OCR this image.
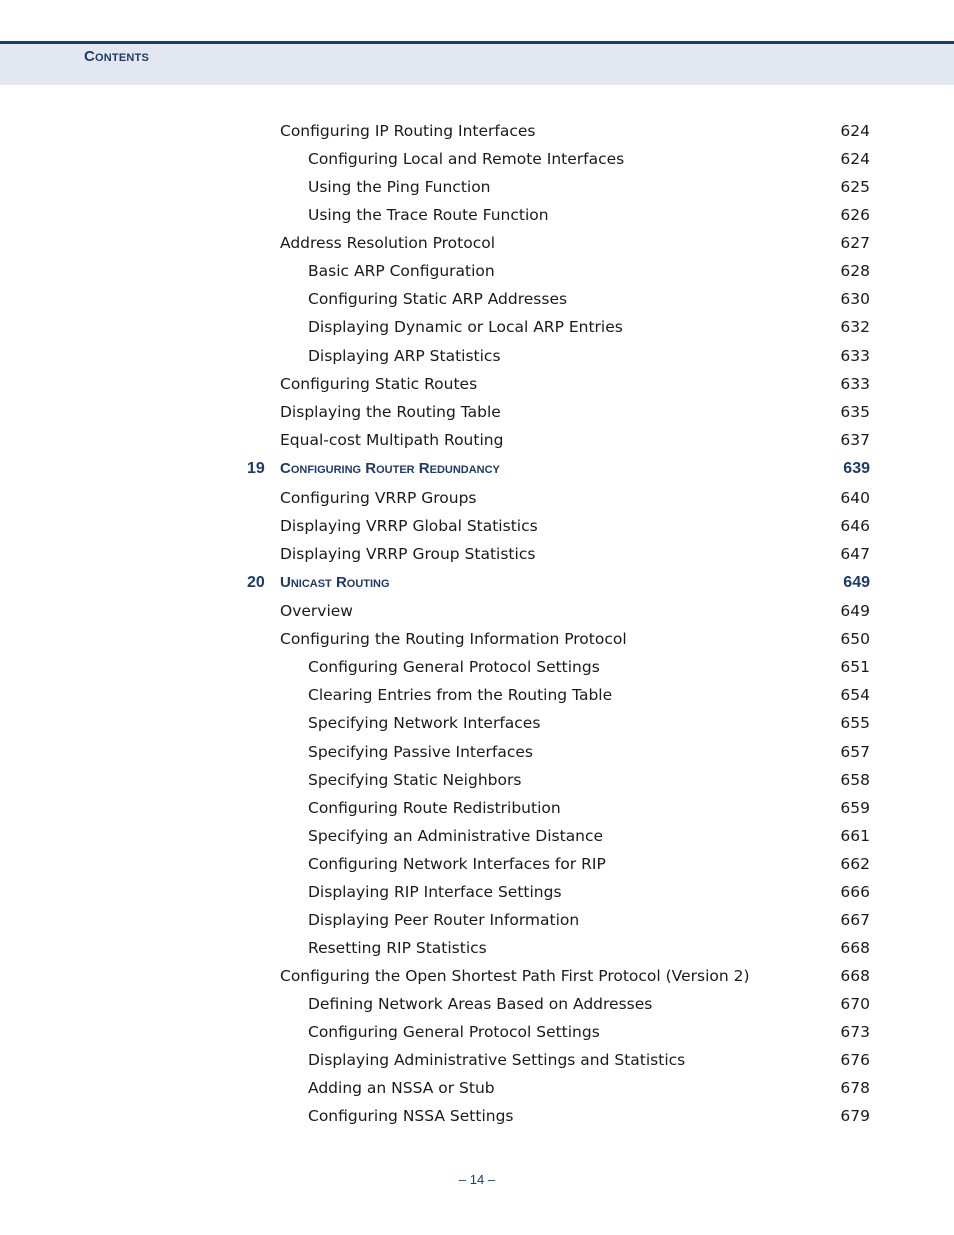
Contents
Configuring IP Routing Interfaces	624
Configuring Local and Remote Interfaces	624
Using the Ping Function	625
Using the Trace Route Function	626
Address Resolution Protocol	627
Basic ARP Configuration	628
Configuring Static ARP Addresses	630
Displaying Dynamic or Local ARP Entries	632
Displaying ARP Statistics	633
Configuring Static Routes	633
Displaying the Routing Table	635
Equal-cost Multipath Routing	637
19 Configuring Router Redundancy	639
Configuring VRRP Groups	640
Displaying VRRP Global Statistics	646
Displaying VRRP Group Statistics	647
20 Unicast Routing	649
Overview	649
Configuring the Routing Information Protocol	650
Configuring General Protocol Settings	651
Clearing Entries from the Routing Table	654
Specifying Network Interfaces	655
Specifying Passive Interfaces	657
Specifying Static Neighbors	658
Configuring Route Redistribution	659
Specifying an Administrative Distance	661
Configuring Network Interfaces for RIP	662
Displaying RIP Interface Settings	666
Displaying Peer Router Information	667
Resetting RIP Statistics	668
Configuring the Open Shortest Path First Protocol (Version 2)	668
Defining Network Areas Based on Addresses	670
Configuring General Protocol Settings	673
Displaying Administrative Settings and Statistics	676
Adding an NSSA or Stub	678
Configuring NSSA Settings	679
– 14 –
